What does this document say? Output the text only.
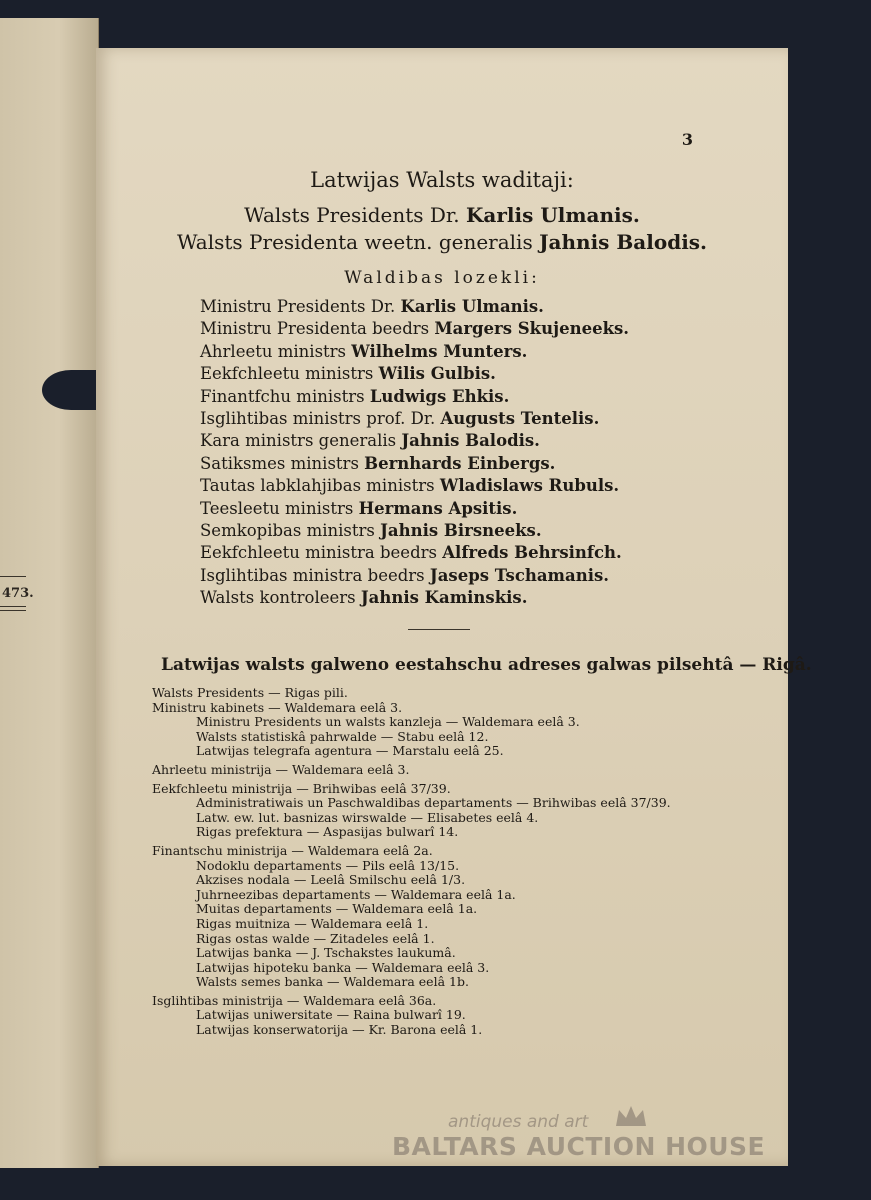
473.
3
Latwijas Walsts waditaji:
Walsts Presidents Dr. Karlis Ulmanis.
Walsts Presidenta weetn. generalis Jahnis Balodis.
Waldibas lozekli:
Ministru Presidents Dr. Karlis Ulmanis.
Ministru Presidenta beedrs Margers Skujeneeks.
Ahrleetu ministrs Wilhelms Munters.
Eekfchleetu ministrs Wilis Gulbis.
Finantfchu ministrs Ludwigs Ehkis.
Isglihtibas ministrs prof. Dr. Augusts Tentelis.
Kara ministrs generalis Jahnis Balodis.
Satiksmes ministrs Bernhards Einbergs.
Tautas labklahjibas ministrs Wladislaws Rubuls.
Teesleetu ministrs Hermans Apsitis.
Semkopibas ministrs Jahnis Birsneeks.
Eekfchleetu ministra beedrs Alfreds Behrsinfch.
Isglihtibas ministra beedrs Jaseps Tschamanis.
Walsts kontroleers Jahnis Kaminskis.
Latwijas walsts galweno eestahschu adreses galwas pilsehtâ — Rigâ.
Walsts Presidents — Rigas pili.
Ministru kabinets — Waldemara eelâ 3.
Ministru Presidents un walsts kanzleja — Waldemara eelâ 3.
Walsts statistiskâ pahrwalde — Stabu eelâ 12.
Latwijas telegrafa agentura — Marstalu eelâ 25.
Ahrleetu ministrija — Waldemara eelâ 3.
Eekfchleetu ministrija — Brihwibas eelâ 37/39.
Administratiwais un Paschwaldibas departaments — Brihwibas eelâ 37/39.
Latw. ew. lut. basnizas wirswalde — Elisabetes eelâ 4.
Rigas prefektura — Aspasijas bulwarî 14.
Finantschu ministrija — Waldemara eelâ 2a.
Nodoklu departaments — Pils eelâ 13/15.
Akzises nodala — Leelâ Smilschu eelâ 1/3.
Juhrneezibas departaments — Waldemara eelâ 1a.
Muitas departaments — Waldemara eelâ 1a.
Rigas muitniza — Waldemara eelâ 1.
Rigas ostas walde — Zitadeles eelâ 1.
Latwijas banka — J. Tschakstes laukumâ.
Latwijas hipoteku banka — Waldemara eelâ 3.
Walsts semes banka — Waldemara eelâ 1b.
Isglihtibas ministrija — Waldemara eelâ 36a.
Latwijas uniwersitate — Raina bulwarî 19.
Latwijas konserwatorija — Kr. Barona eelâ 1.
antiques and art
BALTARS AUCTION HOUSE
